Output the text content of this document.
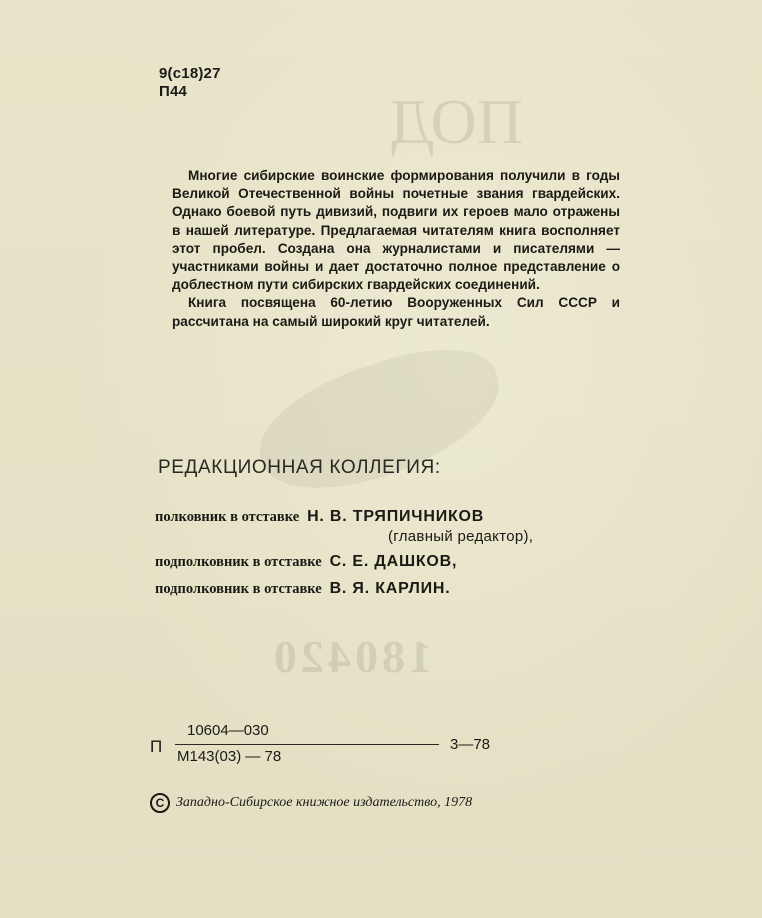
ПОД
180420
9(с18)27
П44

Многие сибирские воинские формирования получили в годы Великой Отечественной войны почетные звания гвардейских. Однако боевой путь дивизий, подвиги их героев мало отражены в нашей литературе. Предлагаемая читателям книга восполняет этот пробел. Создана она журналистами и писателями — участниками войны и дает достаточно полное представление о доблестном пути сибирских гвардейских соединений.

Книга посвящена 60-летию Вооруженных Сил СССР и рассчитана на самый широкий круг читателей.

РЕДАКЦИОННАЯ КОЛЛЕГИЯ:
полковник в отставке Н. В. ТРЯПИЧНИКОВ
(главный редактор),
подполковник в отставке С. Е. ДАШКОВ,
подполковник в отставке В. Я. КАРЛИН.
П
10604—030
М143(03) — 78
3—78
C Западно-Сибирское книжное издательство, 1978
